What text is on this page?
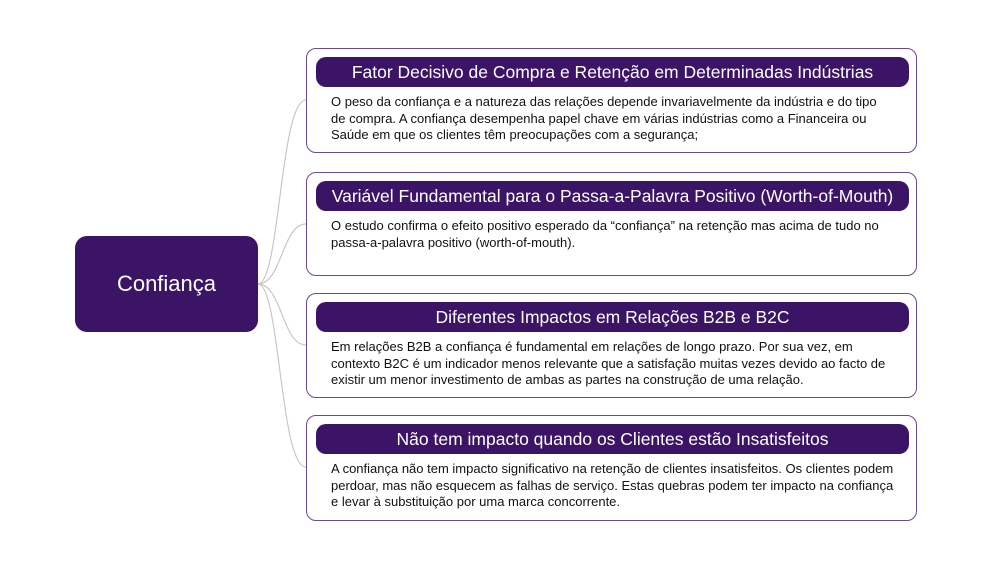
Confiança
Fator Decisivo de Compra e Retenção em Determinadas Indústrias
O peso da confiança e a natureza das relações depende invariavelmente da indústria e do tipo de compra. A confiança desempenha papel chave em várias indústrias como a Financeira ou Saúde em que os clientes têm preocupações com a segurança;
Variável Fundamental para o Passa-a-Palavra Positivo (Worth-of-Mouth)
O estudo confirma o efeito positivo esperado da “confiança” na retenção mas acima de tudo no passa-a-palavra positivo (worth-of-mouth).
Diferentes Impactos em Relações B2B e B2C
Em relações B2B a confiança é fundamental em relações de longo prazo. Por sua vez, em contexto B2C é um indicador menos relevante que a satisfação muitas vezes devido ao facto de existir um menor investimento de ambas as partes na construção de uma relação.
Não tem impacto quando os Clientes estão Insatisfeitos
A confiança não tem impacto significativo na retenção de clientes insatisfeitos. Os clientes podem perdoar, mas não esquecem as falhas de serviço. Estas quebras podem ter impacto na confiança e levar à substituição por uma marca concorrente.
